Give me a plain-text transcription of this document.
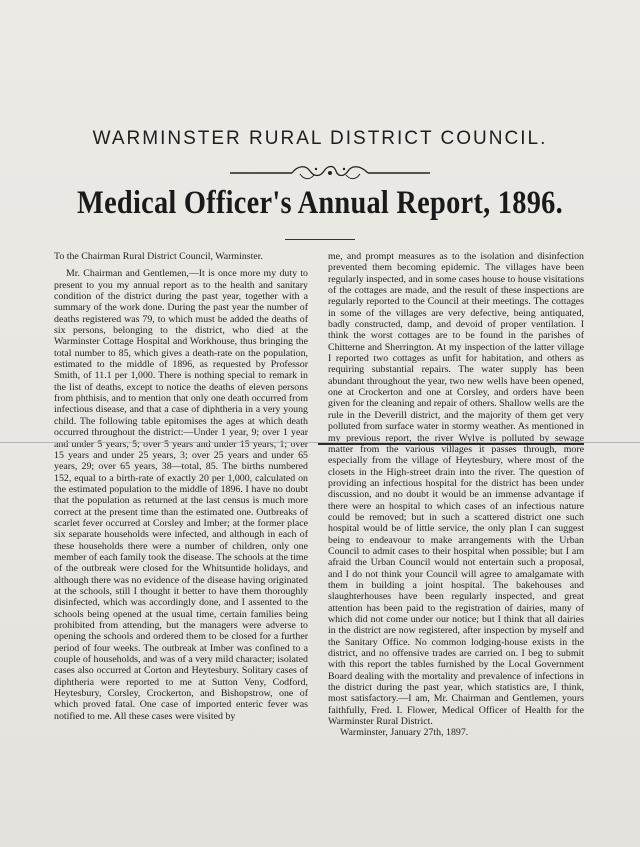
WARMINSTER RURAL DISTRICT COUNCIL.
Medical Officer's Annual Report, 1896.

To the Chairman Rural District Council, Warminster.

Mr. Chairman and Gentlemen,—It is once more my duty to present to you my annual report as to the health and sanitary condition of the district during the past year, together with a summary of the work done. During the past year the number of deaths registered was 79, to which must be added the deaths of six persons, belonging to the district, who died at the Warminster Cottage Hospital and Workhouse, thus bringing the total number to 85, which gives a death-rate on the population, estimated to the middle of 1896, as requested by Professor Smith, of 11.1 per 1,000. There is nothing special to remark in the list of deaths, except to notice the deaths of eleven persons from phthisis, and to mention that only one death occurred from infectious disease, and that a case of diphtheria in a very young child. The following table epitomises the ages at which death occurred throughout the district:—Under 1 year, 9; over 1 year and under 5 years, 5; over 5 years and under 15 years, 1; over 15 years and under 25 years, 3; over 25 years and under 65 years, 29; over 65 years, 38—total, 85. The births numbered 152, equal to a birth-rate of exactly 20 per 1,000, calculated on the estimated population to the middle of 1896. I have no doubt that the population as returned at the last census is much more correct at the present time than the estimated one. Outbreaks of scarlet fever occurred at Corsley and Imber; at the former place six separate households were infected, and although in each of these households there were a number of children, only one member of each family took the disease. The schools at the time of the outbreak were closed for the Whitsuntide holidays, and although there was no evidence of the disease having originated at the schools, still I thought it better to have them thoroughly disinfected, which was accordingly done, and I assented to the schools being opened at the usual time, certain families being prohibited from attending, but the managers were adverse to opening the schools and ordered them to be closed for a further period of four weeks. The outbreak at Imber was confined to a couple of households, and was of a very mild character; isolated cases also occurred at Corton and Heytesbury. Solitary cases of diphtheria were reported to me at Sutton Veny, Codford, Heytesbury, Corsley, Crockerton, and Bishopstrow, one of which proved fatal. One case of imported enteric fever was notified to me. All these cases were visited by

me, and prompt measures as to the isolation and disinfection prevented them becoming epidemic. The villages have been regularly inspected, and in some cases house to house visitations of the cottages are made, and the result of these inspections are regularly reported to the Council at their meetings. The cottages in some of the villages are very defective, being antiquated, badly constructed, damp, and devoid of proper ventilation. I think the worst cottages are to be found in the parishes of Chitterne and Sherrington. At my inspection of the latter village I reported two cottages as unfit for habitation, and others as requiring substantial repairs. The water supply has been abundant throughout the year, two new wells have been opened, one at Crockerton and one at Corsley, and orders have been given for the cleaning and repair of others. Shallow wells are the rule in the Deverill district, and the majority of them get very polluted from surface water in stormy weather. As mentioned in my previous report, the river Wylye is polluted by sewage matter from the various villages it passes through, more especially from the village of Heytesbury, where most of the closets in the High-street drain into the river. The question of providing an infectious hospital for the district has been under discussion, and no doubt it would be an immense advantage if there were an hospital to which cases of an infectious nature could be removed; but in such a scattered district one such hospital would be of little service, the only plan I can suggest being to endeavour to make arrangements with the Urban Council to admit cases to their hospital when possible; but I am afraid the Urban Council would not entertain such a proposal, and I do not think your Council will agree to amalgamate with them in building a joint hospital. The bakehouses and slaughterhouses have been regularly inspected, and great attention has been paid to the registration of dairies, many of which did not come under our notice; but I think that all dairies in the district are now registered, after inspection by myself and the Sanitary Office. No common lodging-house exists in the district, and no offensive trades are carried on. I beg to submit with this report the tables furnished by the Local Government Board dealing with the mortality and prevalence of infections in the district during the past year, which statistics are, I think, most satisfactory.—I am, Mr. Chairman and Gentlemen, yours faithfully, Fred. I. Flower, Medical Officer of Health for the Warminster Rural District.

Warminster, January 27th, 1897.
